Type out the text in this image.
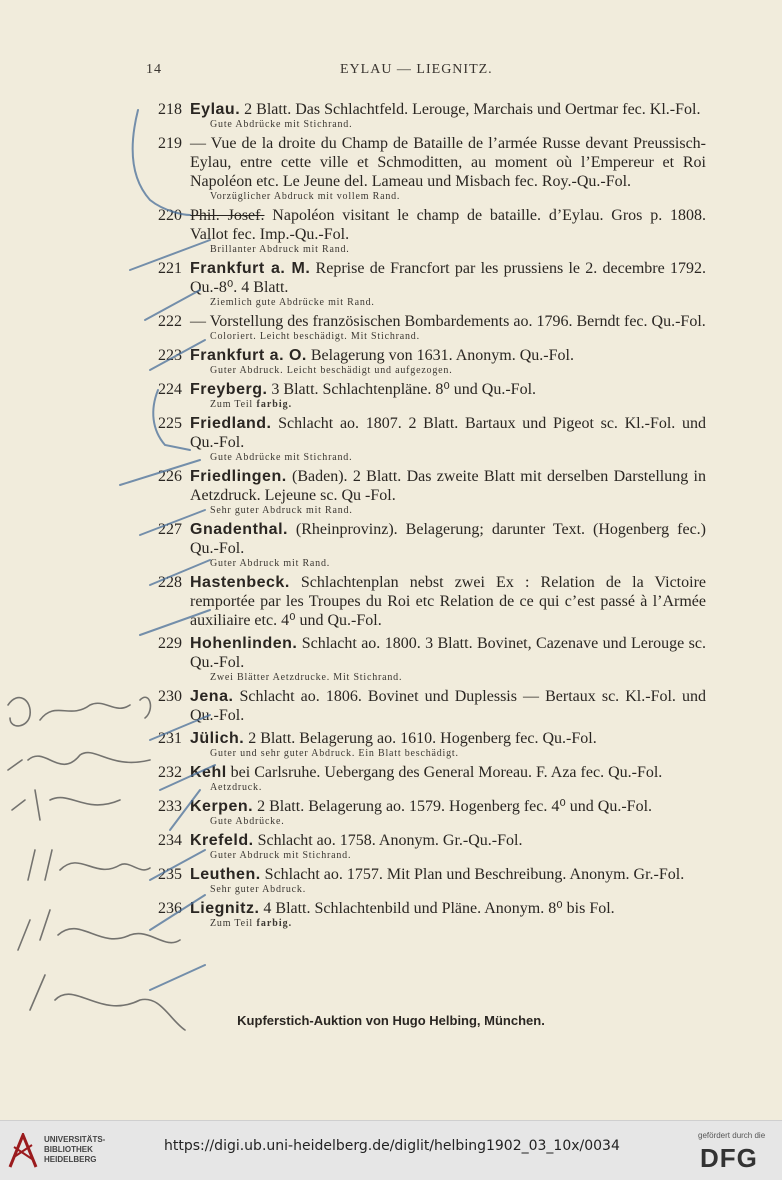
14	EYLAU — LIEGNITZ.
218 Eylau. 2 Blatt. Das Schlachtfeld. Lerouge, Marchais und Oertmar fec. Kl.-Fol.
Gute Abdrücke mit Stichrand.
219 — Vue de la droite du Champ de Bataille de l’armée Russe devant Preussisch-Eylau, entre cette ville et Schmoditten, au moment où l’Empereur et Roi Napoléon etc. Le Jeune del. Lameau und Misbach fec. Roy.-Qu.-Fol.
Vorzüglicher Abdruck mit vollem Rand.
220 Phil. Josef. Napoléon visitant le champ de bataille. d’Eylau. Gros p. 1808. Vallot fec. Imp.-Qu.-Fol.
Brillanter Abdruck mit Rand.
221 Frankfurt a. M. Reprise de Francfort par les prussiens le 2. decembre 1792. Qu.-8⁰. 4 Blatt.
Ziemlich gute Abdrücke mit Rand.
222 — Vorstellung des französischen Bombardements ao. 1796. Berndt fec. Qu.-Fol.
Coloriert. Leicht beschädigt. Mit Stichrand.
223 Frankfurt a. O. Belagerung von 1631. Anonym. Qu.-Fol.
Guter Abdruck. Leicht beschädigt und aufgezogen.
224 Freyberg. 3 Blatt. Schlachtenpläne. 8⁰ und Qu.-Fol.
Zum Teil farbig.
225 Friedland. Schlacht ao. 1807. 2 Blatt. Bartaux und Pigeot sc. Kl.-Fol. und Qu.-Fol.
Gute Abdrücke mit Stichrand.
226 Friedlingen. (Baden). 2 Blatt. Das zweite Blatt mit derselben Darstellung in Aetzdruck. Lejeune sc. Qu -Fol.
Sehr guter Abdruck mit Rand.
227 Gnadenthal. (Rheinprovinz). Belagerung; darunter Text. (Hogenberg fec.) Qu.-Fol.
Guter Abdruck mit Rand.
228 Hastenbeck. Schlachtenplan nebst zwei Ex : Relation de la Victoire remportée par les Troupes du Roi etc Relation de ce qui c’est passé à l’Armée auxiliaire etc. 4⁰ und Qu.-Fol.
229 Hohenlinden. Schlacht ao. 1800. 3 Blatt. Bovinet, Cazenave und Lerouge sc. Qu.-Fol.
Zwei Blätter Aetzdrucke. Mit Stichrand.
230 Jena. Schlacht ao. 1806. Bovinet und Duplessis — Bertaux sc. Kl.-Fol. und Qu.-Fol.
231 Jülich. 2 Blatt. Belagerung ao. 1610. Hogenberg fec. Qu.-Fol.
Guter und sehr guter Abdruck. Ein Blatt beschädigt.
232 Kehl bei Carlsruhe. Uebergang des General Moreau. F. Aza fec. Qu.-Fol.
Aetzdruck.
233 Kerpen. 2 Blatt. Belagerung ao. 1579. Hogenberg fec. 4⁰ und Qu.-Fol.
Gute Abdrücke.
234 Krefeld. Schlacht ao. 1758. Anonym. Gr.-Qu.-Fol.
Guter Abdruck mit Stichrand.
235 Leuthen. Schlacht ao. 1757. Mit Plan und Beschreibung. Anonym. Gr.-Fol.
Sehr guter Abdruck.
236 Liegnitz. 4 Blatt. Schlachtenbild und Pläne. Anonym. 8⁰ bis Fol.
Zum Teil farbig.
Kupferstich-Auktion von Hugo Helbing, München.
UNIVERSITÄTS-
BIBLIOTHEK
HEIDELBERG
https://digi.ub.uni-heidelberg.de/diglit/helbing1902_03_10x/0034
gefördert durch die
DFG
